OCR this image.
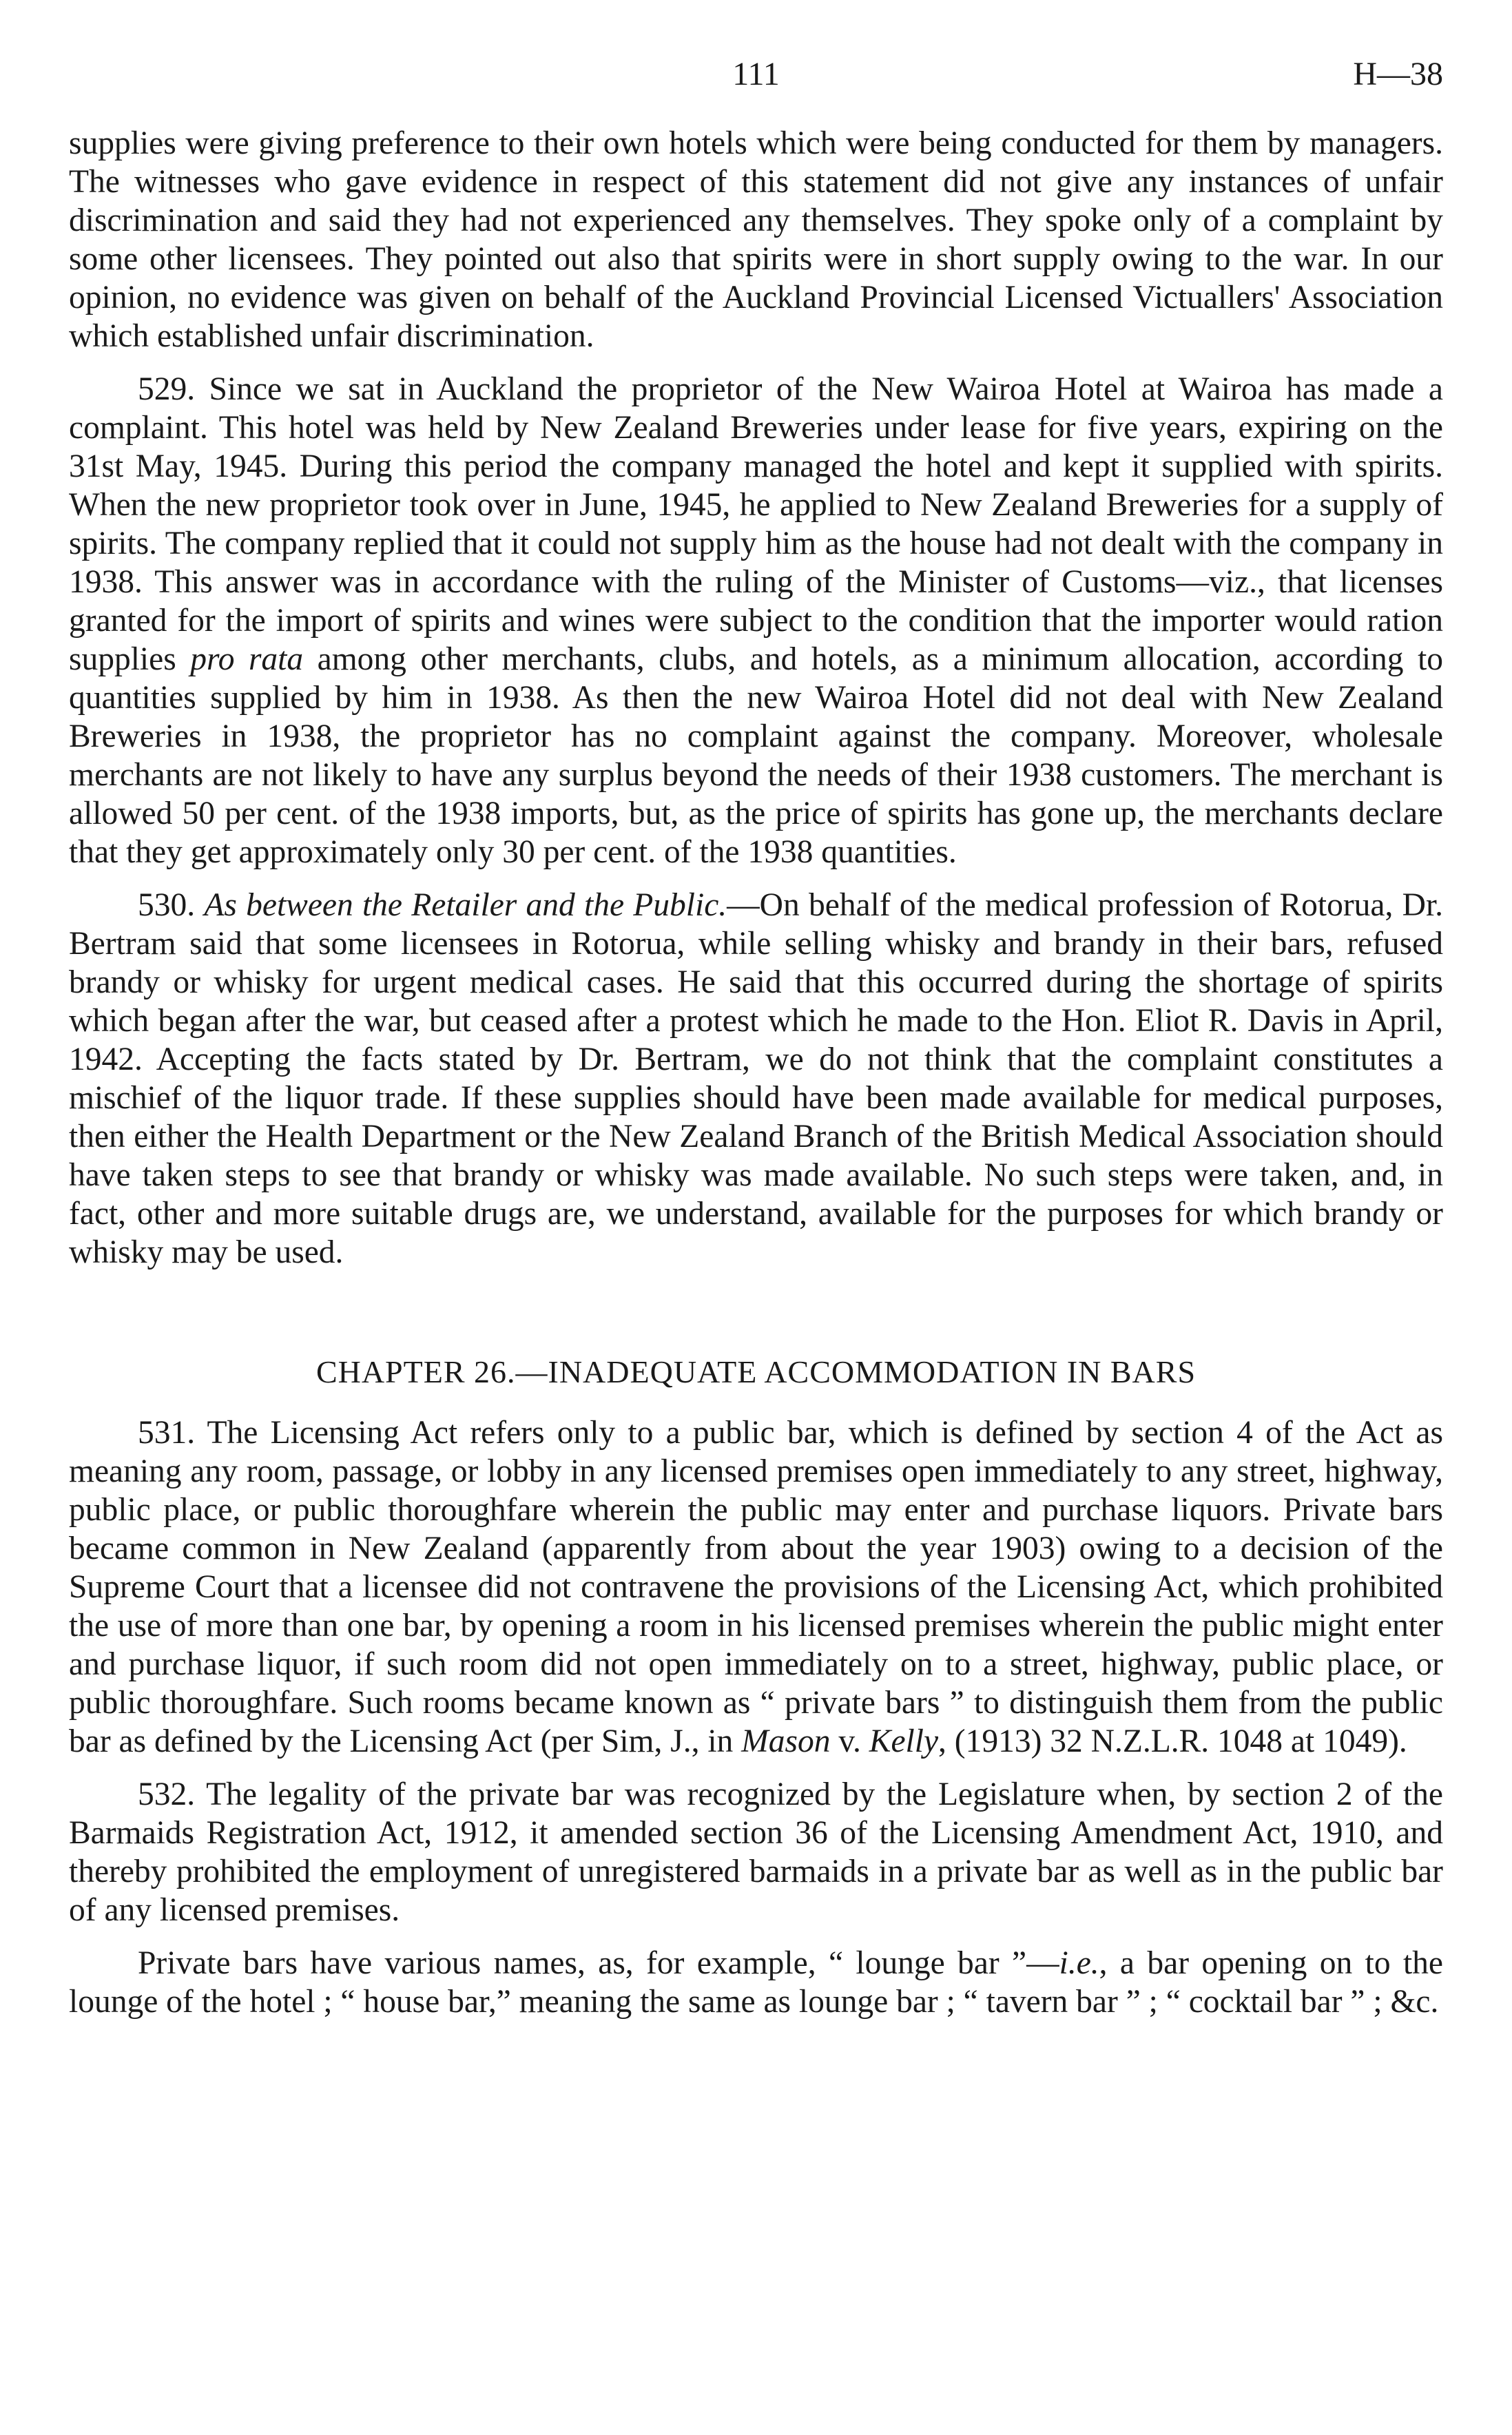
111	H—38

supplies were giving preference to their own hotels which were being conducted for them by managers. The witnesses who gave evidence in respect of this statement did not give any instances of unfair discrimination and said they had not experienced any themselves. They spoke only of a complaint by some other licensees. They pointed out also that spirits were in short supply owing to the war. In our opinion, no evidence was given on behalf of the Auckland Provincial Licensed Victuallers' Association which established unfair discrimination.

529. Since we sat in Auckland the proprietor of the New Wairoa Hotel at Wairoa has made a complaint. This hotel was held by New Zealand Breweries under lease for five years, expiring on the 31st May, 1945. During this period the company managed the hotel and kept it supplied with spirits. When the new proprietor took over in June, 1945, he applied to New Zealand Breweries for a supply of spirits. The company replied that it could not supply him as the house had not dealt with the company in 1938. This answer was in accordance with the ruling of the Minister of Customs—viz., that licenses granted for the import of spirits and wines were subject to the condition that the importer would ration supplies pro rata among other merchants, clubs, and hotels, as a minimum allocation, according to quantities supplied by him in 1938. As then the new Wairoa Hotel did not deal with New Zealand Breweries in 1938, the proprietor has no complaint against the company. Moreover, wholesale merchants are not likely to have any surplus beyond the needs of their 1938 customers. The merchant is allowed 50 per cent. of the 1938 imports, but, as the price of spirits has gone up, the merchants declare that they get approximately only 30 per cent. of the 1938 quantities.

530. As between the Retailer and the Public.—On behalf of the medical profession of Rotorua, Dr. Bertram said that some licensees in Rotorua, while selling whisky and brandy in their bars, refused brandy or whisky for urgent medical cases. He said that this occurred during the shortage of spirits which began after the war, but ceased after a protest which he made to the Hon. Eliot R. Davis in April, 1942. Accepting the facts stated by Dr. Bertram, we do not think that the complaint constitutes a mischief of the liquor trade. If these supplies should have been made available for medical purposes, then either the Health Department or the New Zealand Branch of the British Medical Association should have taken steps to see that brandy or whisky was made available. No such steps were taken, and, in fact, other and more suitable drugs are, we understand, available for the purposes for which brandy or whisky may be used.

CHAPTER 26.—INADEQUATE ACCOMMODATION IN BARS

531. The Licensing Act refers only to a public bar, which is defined by section 4 of the Act as meaning any room, passage, or lobby in any licensed premises open immediately to any street, highway, public place, or public thoroughfare wherein the public may enter and purchase liquors. Private bars became common in New Zealand (apparently from about the year 1903) owing to a decision of the Supreme Court that a licensee did not contravene the provisions of the Licensing Act, which prohibited the use of more than one bar, by opening a room in his licensed premises wherein the public might enter and purchase liquor, if such room did not open immediately on to a street, highway, public place, or public thoroughfare. Such rooms became known as “ private bars ” to distinguish them from the public bar as defined by the Licensing Act (per Sim, J., in Mason v. Kelly, (1913) 32 N.Z.L.R. 1048 at 1049).

532. The legality of the private bar was recognized by the Legislature when, by section 2 of the Barmaids Registration Act, 1912, it amended section 36 of the Licensing Amendment Act, 1910, and thereby prohibited the employment of unregistered barmaids in a private bar as well as in the public bar of any licensed premises.

Private bars have various names, as, for example, “ lounge bar ”—i.e., a bar opening on to the lounge of the hotel ; “ house bar,” meaning the same as lounge bar ; “ tavern bar ” ; “ cocktail bar ” ; &c.
